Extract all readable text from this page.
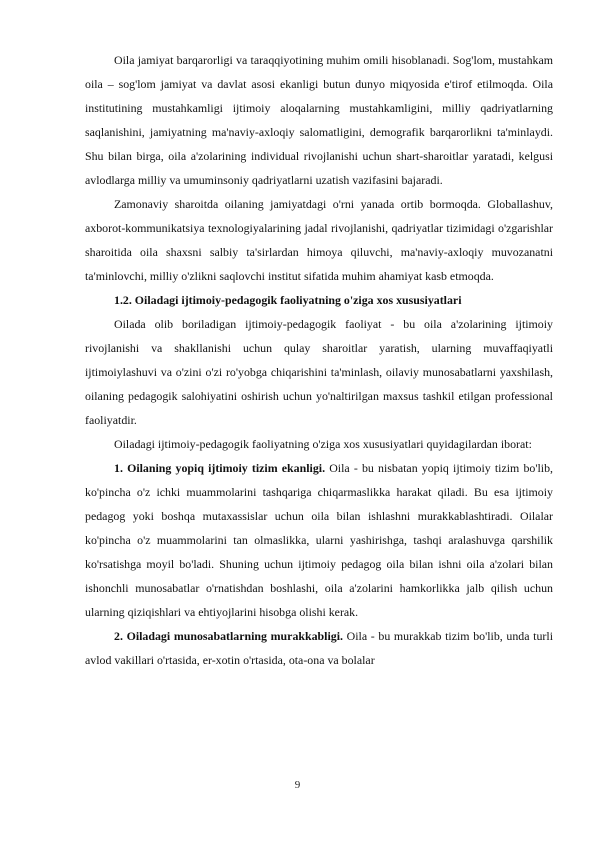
Oila jamiyat barqarorligi va taraqqiyotining muhim omili hisoblanadi. Sog'lom, mustahkam oila – sog'lom jamiyat va davlat asosi ekanligi butun dunyo miqyosida e'tirof etilmoqda. Oila institutining mustahkamligi ijtimoiy aloqalarning mustahkamligini, milliy qadriyatlarning saqlanishini, jamiyatning ma'naviy-axloqiy salomatligini, demografik barqarorlikni ta'minlaydi. Shu bilan birga, oila a'zolarining individual rivojlanishi uchun shart-sharoitlar yaratadi, kelgusi avlodlarga milliy va umuminsoniy qadriyatlarni uzatish vazifasini bajaradi.

Zamonaviy sharoitda oilaning jamiyatdagi o'rni yanada ortib bormoqda. Globallashuv, axborot-kommunikatsiya texnologiyalarining jadal rivojlanishi, qadriyatlar tizimidagi o'zgarishlar sharoitida oila shaxsni salbiy ta'sirlardan himoya qiluvchi, ma'naviy-axloqiy muvozanatni ta'minlovchi, milliy o'zlikni saqlovchi institut sifatida muhim ahamiyat kasb etmoqda.

1.2. Oiladagi ijtimoiy-pedagogik faoliyatning o'ziga xos xususiyatlari

Oilada olib boriladigan ijtimoiy-pedagogik faoliyat - bu oila a'zolarining ijtimoiy rivojlanishi va shakllanishi uchun qulay sharoitlar yaratish, ularning muvaffaqiyatli ijtimoiylashuvi va o'zini o'zi ro'yobga chiqarishini ta'minlash, oilaviy munosabatlarni yaxshilash, oilaning pedagogik salohiyatini oshirish uchun yo'naltirilgan maxsus tashkil etilgan professional faoliyatdir.

Oiladagi ijtimoiy-pedagogik faoliyatning o'ziga xos xususiyatlari quyidagilardan iborat:

1. Oilaning yopiq ijtimoiy tizim ekanligi. Oila - bu nisbatan yopiq ijtimoiy tizim bo'lib, ko'pincha o'z ichki muammolarini tashqariga chiqarmaslikka harakat qiladi. Bu esa ijtimoiy pedagog yoki boshqa mutaxassislar uchun oila bilan ishlashni murakkablashtiradi. Oilalar ko'pincha o'z muammolarini tan olmaslikka, ularni yashirishga, tashqi aralashuvga qarshilik ko'rsatishga moyil bo'ladi. Shuning uchun ijtimoiy pedagog oila bilan ishni oila a'zolari bilan ishonchli munosabatlar o'rnatishdan boshlashi, oila a'zolarini hamkorlikka jalb qilish uchun ularning qiziqishlari va ehtiyojlarini hisobga olishi kerak.

2. Oiladagi munosabatlarning murakkabligi. Oila - bu murakkab tizim bo'lib, unda turli avlod vakillari o'rtasida, er-xotin o'rtasida, ota-ona va bolalar

9
